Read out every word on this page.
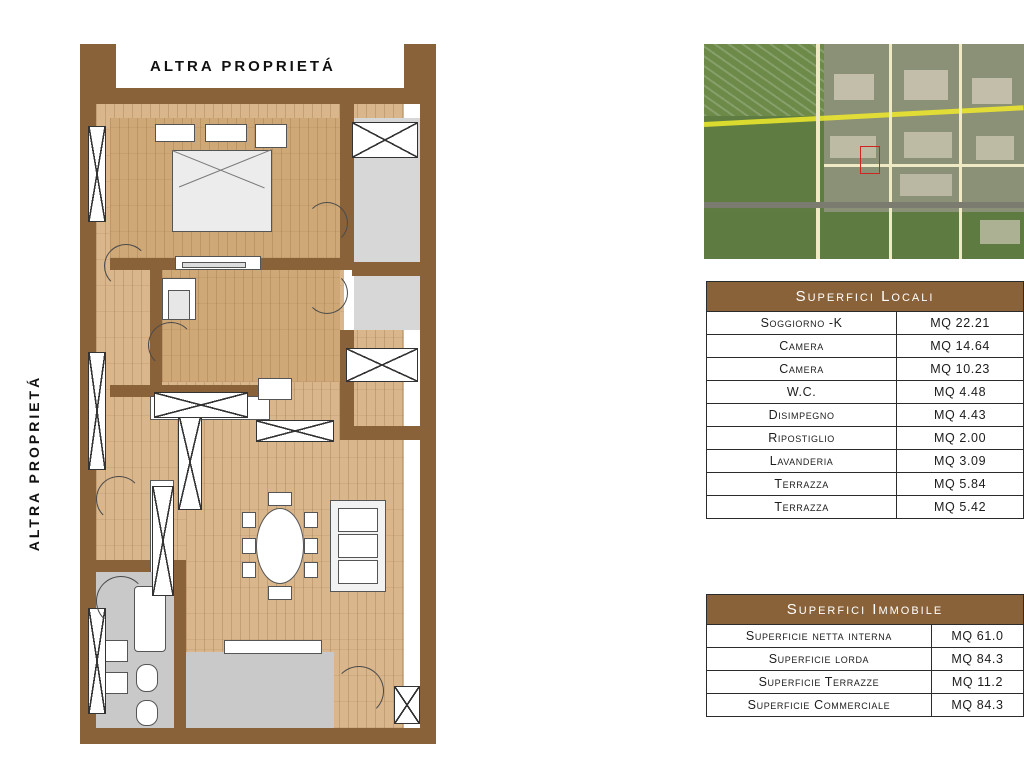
ALTRA PROPRIETÁ
ALTRA PROPRIETÁ
Superfici Locali	
Soggiorno -K	MQ 22.21
Camera	MQ 14.64
Camera	MQ 10.23
W.C.	MQ 4.48
Disimpegno	MQ 4.43
Ripostiglio	MQ 2.00
Lavanderia	MQ 3.09
Terrazza	MQ 5.84
Terrazza	MQ 5.42
Superfici Immobile	
Superficie netta interna	MQ 61.0
Superficie lorda	MQ 84.3
Superficie Terrazze	MQ 11.2
Superficie Commerciale	MQ 84.3
